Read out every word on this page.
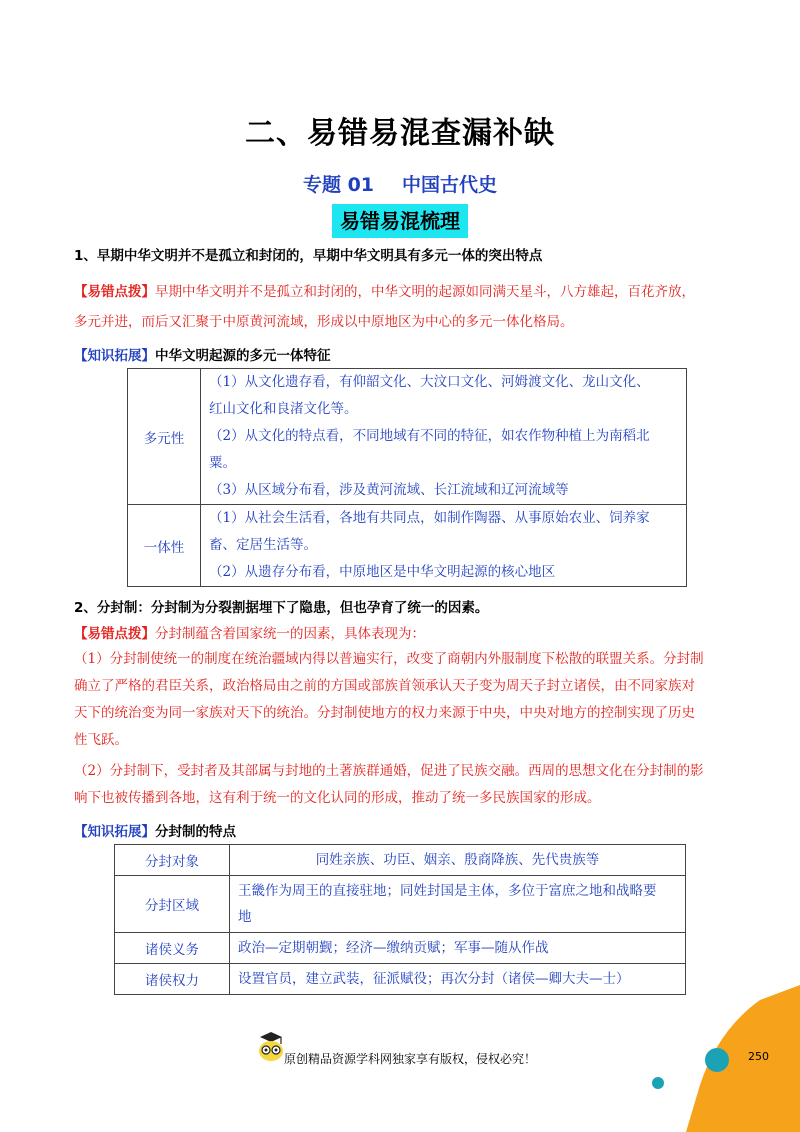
二、易错易混查漏补缺
专题 01 中国古代史
易错易混梳理
1、早期中华文明并不是孤立和封闭的，早期中华文明具有多元一体的突出特点
【易错点拨】早期中华文明并不是孤立和封闭的，中华文明的起源如同满天星斗，八方雄起，百花齐放，
多元并进，而后又汇聚于中原黄河流域，形成以中原地区为中心的多元一体化格局。
【知识拓展】中华文明起源的多元一体特征
多元性	（1）从文化遗存看，有仰韶文化、大汶口文化、河姆渡文化、龙山文化、
红山文化和良渚文化等。
（2）从文化的特点看，不同地域有不同的特征，如农作物种植上为南稻北
粟。
（3）从区域分布看，涉及黄河流域、长江流域和辽河流域等

一体性	（1）从社会生活看，各地有共同点，如制作陶器、从事原始农业、饲养家
畜、定居生活等。
（2）从遗存分布看，中原地区是中华文明起源的核心地区
2、分封制：分封制为分裂割据埋下了隐患，但也孕育了统一的因素。
【易错点拨】分封制蕴含着国家统一的因素，具体表现为：
（1）分封制使统一的制度在统治疆域内得以普遍实行，改变了商朝内外服制度下松散的联盟关系。分封制
确立了严格的君臣关系，政治格局由之前的方国或部族首领承认天子变为周天子封立诸侯，由不同家族对
天下的统治变为同一家族对天下的统治。分封制使地方的权力来源于中央，中央对地方的控制实现了历史
性飞跃。
（2）分封制下，受封者及其部属与封地的土著族群通婚，促进了民族交融。西周的思想文化在分封制的影
响下也被传播到各地，这有利于统一的文化认同的形成，推动了统一多民族国家的形成。
【知识拓展】分封制的特点
分封对象	同姓亲族、功臣、姻亲、殷商降族、先代贵族等

分封区域	王畿作为周王的直接驻地；同姓封国是主体，多位于富庶之地和战略要
地

诸侯义务	政治—定期朝觐；经济—缴纳贡赋；军事—随从作战

诸侯权力	设置官员，建立武装，征派赋役；再次分封（诸侯—卿大夫—士）
原创精品资源学科网独家享有版权，侵权必究！	250
